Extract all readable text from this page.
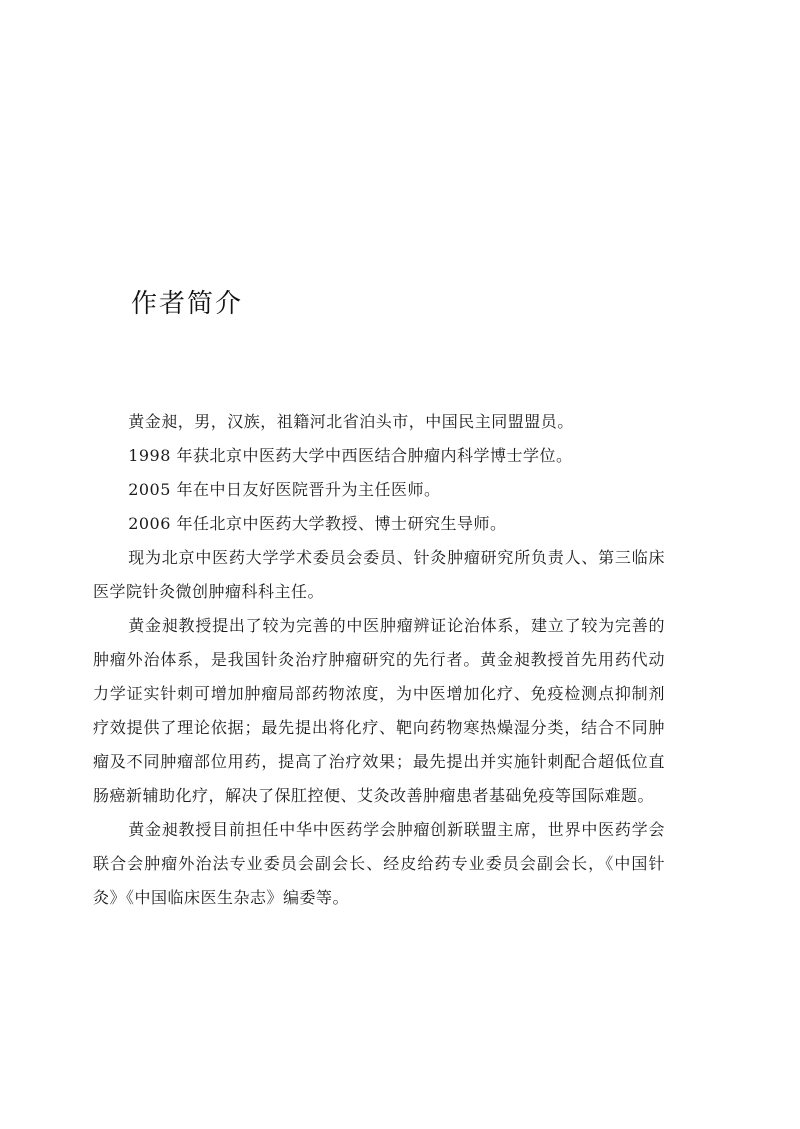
作者简介

黄金昶，男，汉族，祖籍河北省泊头市，中国民主同盟盟员。

1998 年获北京中医药大学中西医结合肿瘤内科学博士学位。

2005 年在中日友好医院晋升为主任医师。

2006 年任北京中医药大学教授、博士研究生导师。

现为北京中医药大学学术委员会委员、针灸肿瘤研究所负责人、第三临床医学院针灸微创肿瘤科科主任。

黄金昶教授提出了较为完善的中医肿瘤辨证论治体系，建立了较为完善的肿瘤外治体系，是我国针灸治疗肿瘤研究的先行者。黄金昶教授首先用药代动力学证实针刺可增加肿瘤局部药物浓度，为中医增加化疗、免疫检测点抑制剂疗效提供了理论依据；最先提出将化疗、靶向药物寒热燥湿分类，结合不同肿瘤及不同肿瘤部位用药，提高了治疗效果；最先提出并实施针刺配合超低位直肠癌新辅助化疗，解决了保肛控便、艾灸改善肿瘤患者基础免疫等国际难题。

黄金昶教授目前担任中华中医药学会肿瘤创新联盟主席，世界中医药学会联合会肿瘤外治法专业委员会副会长、经皮给药专业委员会副会长，《中国针灸》《中国临床医生杂志》编委等。
